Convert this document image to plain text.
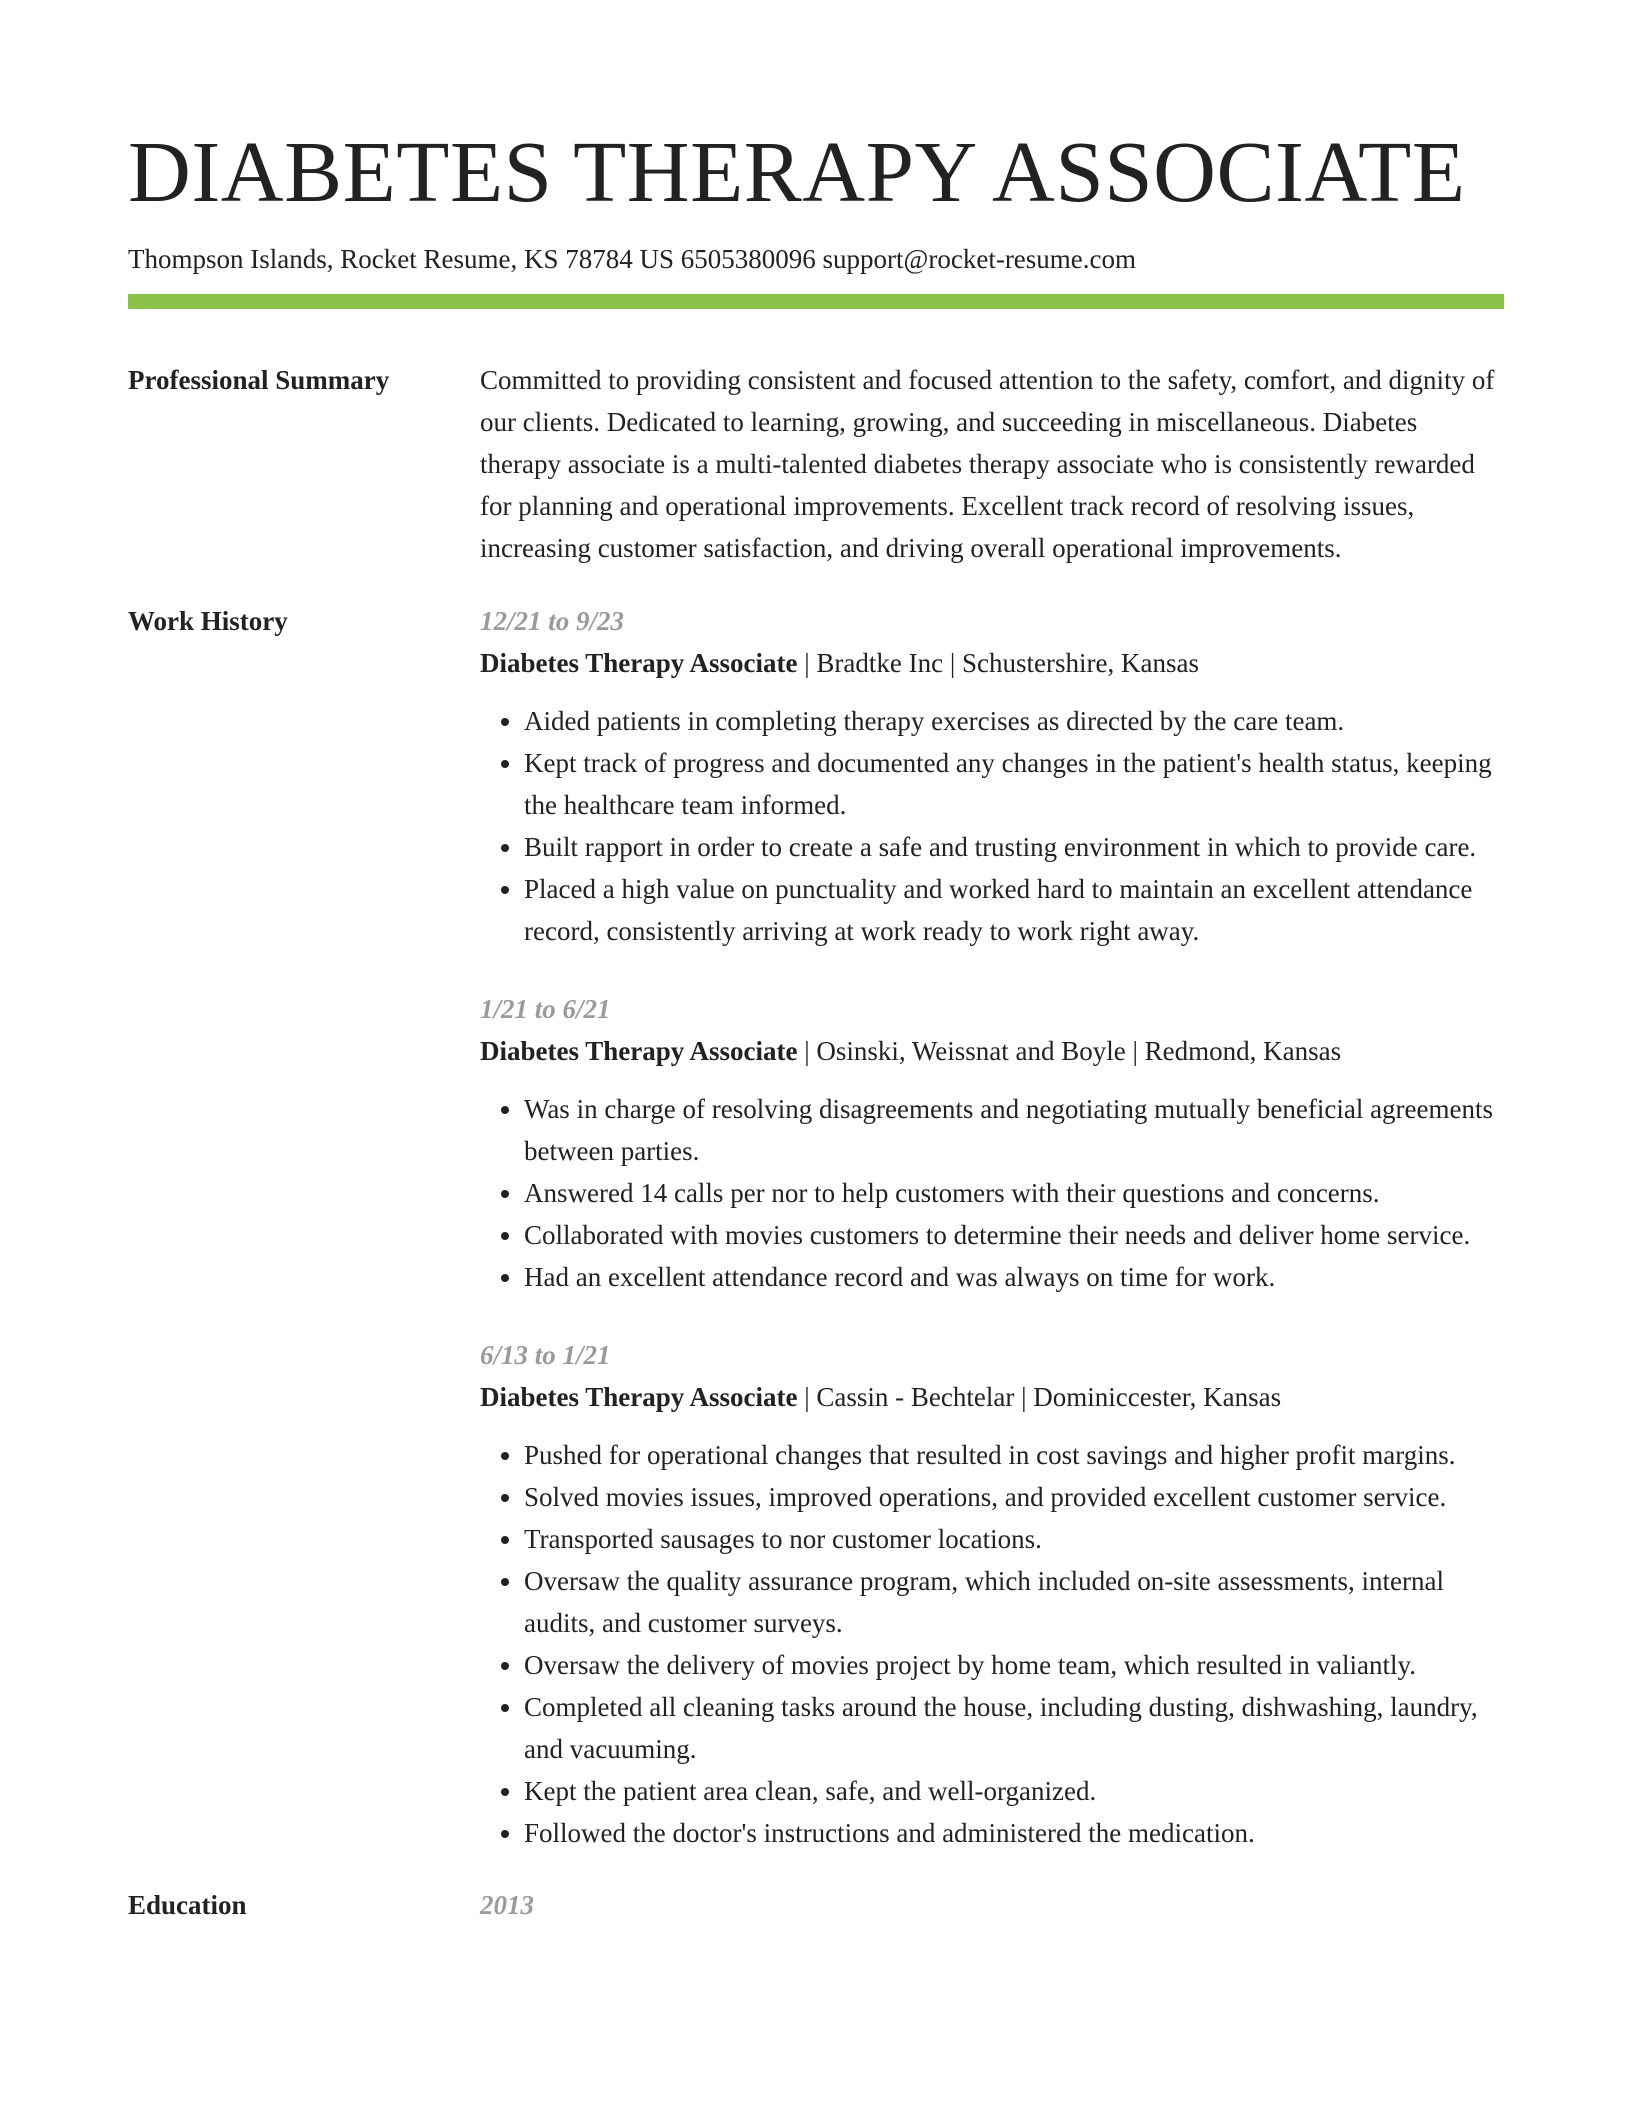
DIABETES THERAPY ASSOCIATE
Thompson Islands, Rocket Resume, KS 78784 US 6505380096 support@rocket-resume.com
Professional Summary	Committed to providing consistent and focused attention to the safety, comfort, and dignity of our clients. Dedicated to learning, growing, and succeeding in miscellaneous. Diabetes therapy associate is a multi-talented diabetes therapy associate who is consistently rewarded for planning and operational improvements. Excellent track record of resolving issues, increasing customer satisfaction, and driving overall operational improvements.

Work History	12/21 to 9/23
Diabetes Therapy Associate | Bradtke Inc | Schustershire, Kansas
• Aided patients in completing therapy exercises as directed by the care team.
• Kept track of progress and documented any changes in the patient's health status, keeping the healthcare team informed.
• Built rapport in order to create a safe and trusting environment in which to provide care.
• Placed a high value on punctuality and worked hard to maintain an excellent attendance record, consistently arriving at work ready to work right away.
1/21 to 6/21
Diabetes Therapy Associate | Osinski, Weissnat and Boyle | Redmond, Kansas
• Was in charge of resolving disagreements and negotiating mutually beneficial agreements between parties.
• Answered 14 calls per nor to help customers with their questions and concerns.
• Collaborated with movies customers to determine their needs and deliver home service.
• Had an excellent attendance record and was always on time for work.
6/13 to 1/21
Diabetes Therapy Associate | Cassin - Bechtelar | Dominiccester, Kansas
• Pushed for operational changes that resulted in cost savings and higher profit margins.
• Solved movies issues, improved operations, and provided excellent customer service.
• Transported sausages to nor customer locations.
• Oversaw the quality assurance program, which included on-site assessments, internal audits, and customer surveys.
• Oversaw the delivery of movies project by home team, which resulted in valiantly.
• Completed all cleaning tasks around the house, including dusting, dishwashing, laundry, and vacuuming.
• Kept the patient area clean, safe, and well-organized.
• Followed the doctor's instructions and administered the medication.
Education	2013
